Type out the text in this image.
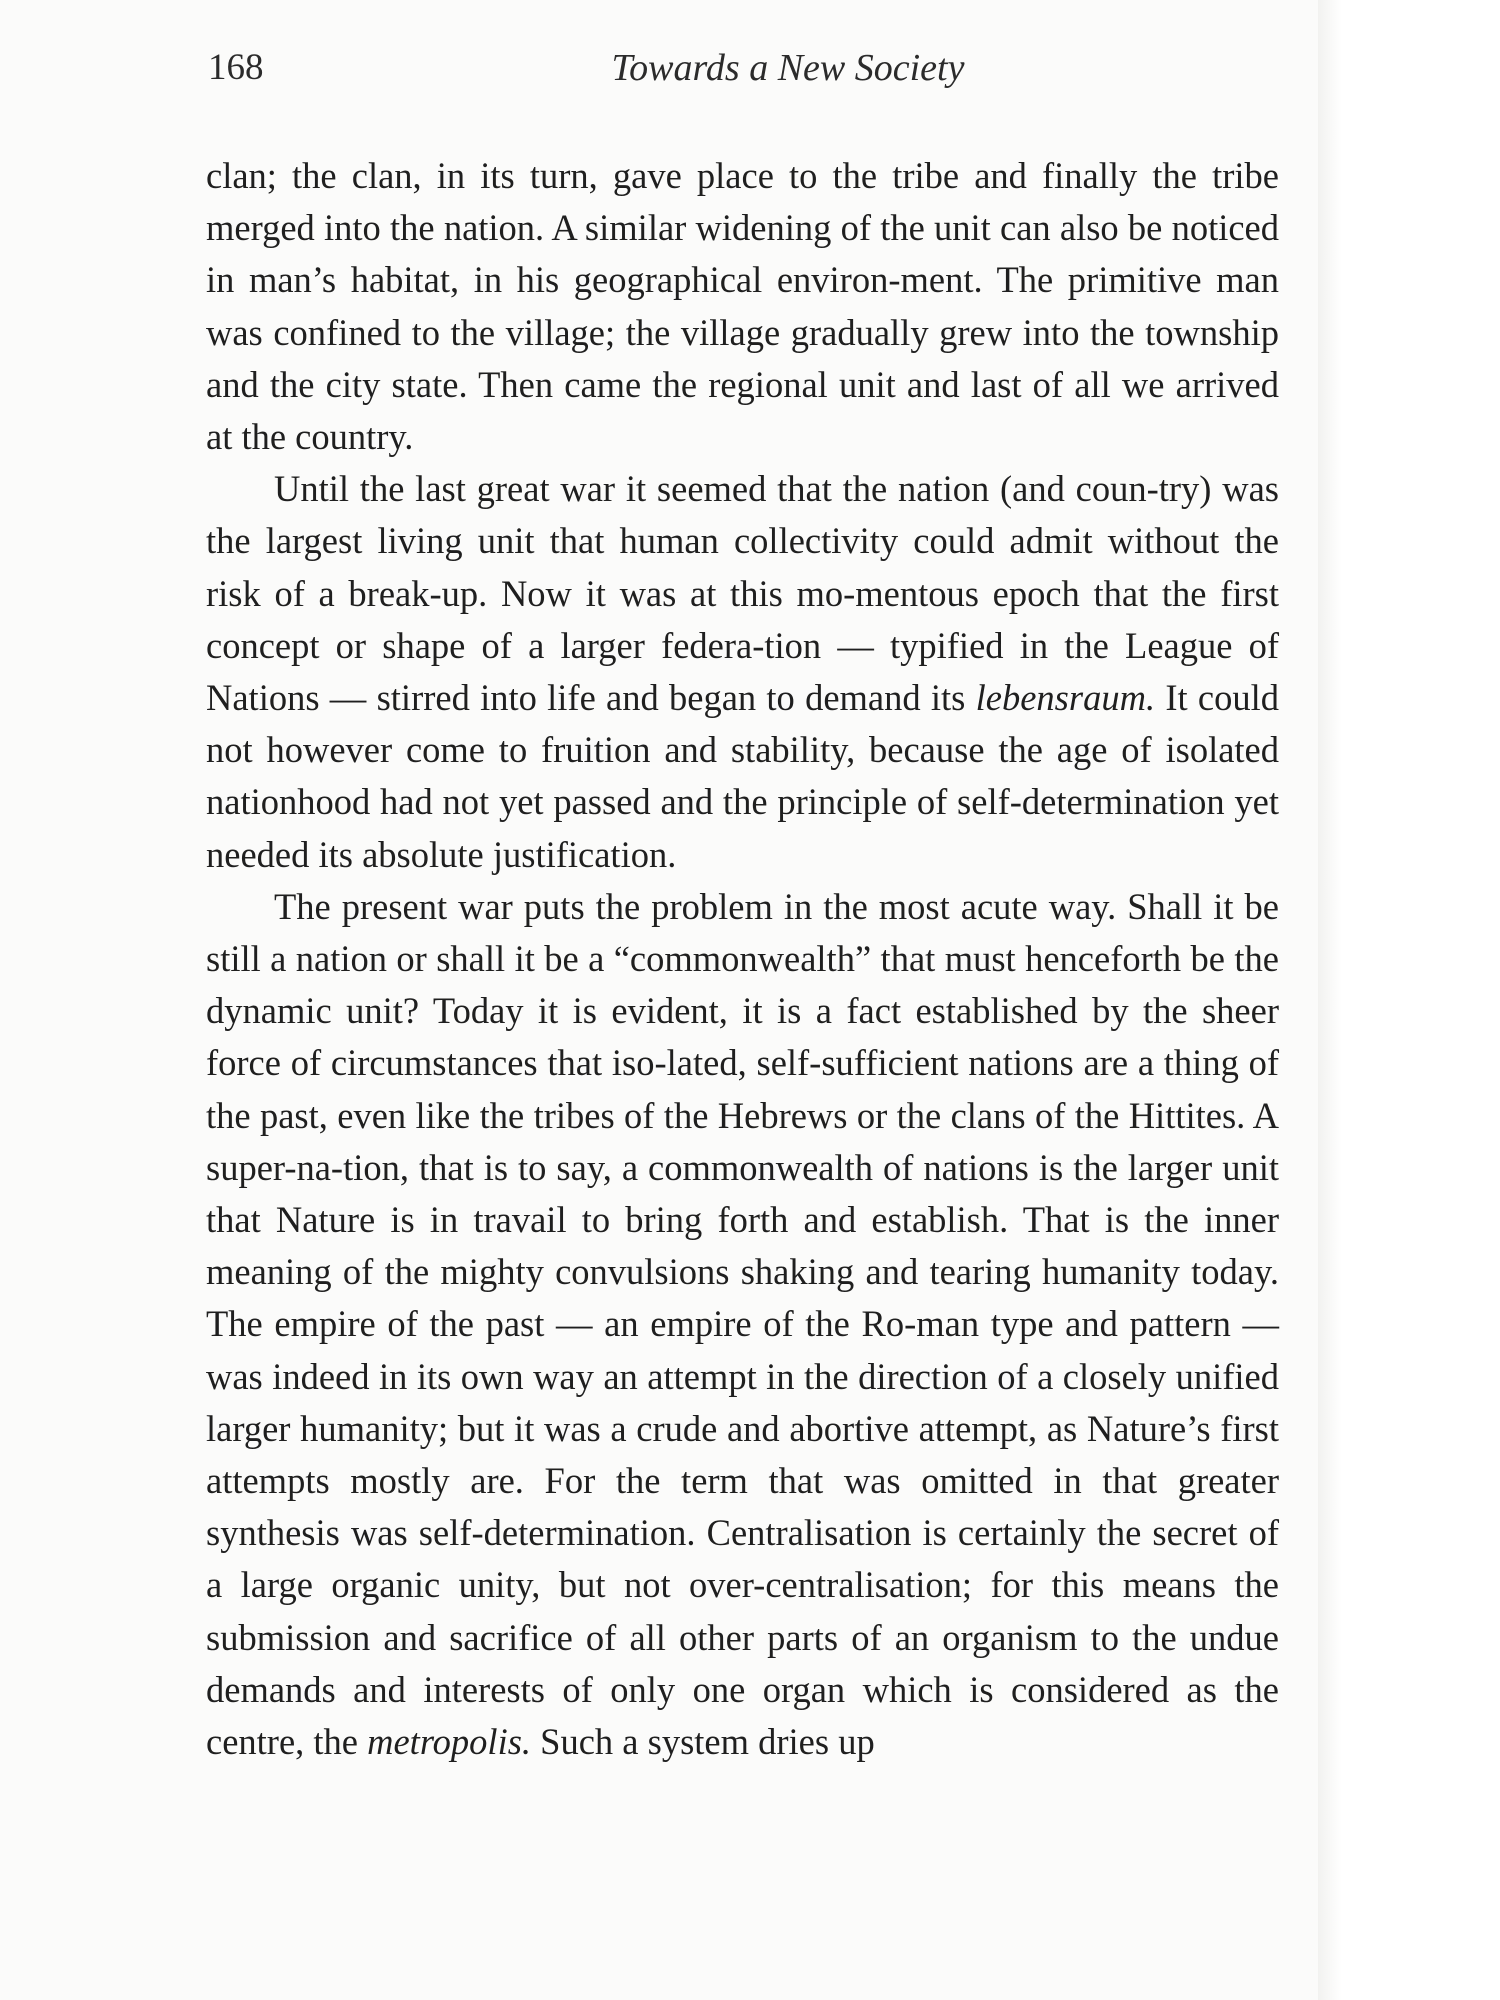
168	Towards a New Society

clan; the clan, in its turn, gave place to the tribe and finally the tribe merged into the nation. A similar widening of the unit can also be noticed in man’s habitat, in his geographical environ-ment. The primitive man was confined to the village; the village gradually grew into the township and the city state. Then came the regional unit and last of all we arrived at the country.

Until the last great war it seemed that the nation (and coun-try) was the largest living unit that human collectivity could admit without the risk of a break-up. Now it was at this mo-mentous epoch that the first concept or shape of a larger federa-tion — typified in the League of Nations — stirred into life and began to demand its lebensraum. It could not however come to fruition and stability, because the age of isolated nationhood had not yet passed and the principle of self-determination yet needed its absolute justification.

The present war puts the problem in the most acute way. Shall it be still a nation or shall it be a “commonwealth” that must henceforth be the dynamic unit? Today it is evident, it is a fact established by the sheer force of circumstances that iso-lated, self-sufficient nations are a thing of the past, even like the tribes of the Hebrews or the clans of the Hittites. A super-na-tion, that is to say, a commonwealth of nations is the larger unit that Nature is in travail to bring forth and establish. That is the inner meaning of the mighty convulsions shaking and tearing humanity today. The empire of the past — an empire of the Ro-man type and pattern — was indeed in its own way an attempt in the direction of a closely unified larger humanity; but it was a crude and abortive attempt, as Nature’s first attempts mostly are. For the term that was omitted in that greater synthesis was self-determination. Centralisation is certainly the secret of a large organic unity, but not over-centralisation; for this means the submission and sacrifice of all other parts of an organism to the undue demands and interests of only one organ which is considered as the centre, the metropolis. Such a system dries up
